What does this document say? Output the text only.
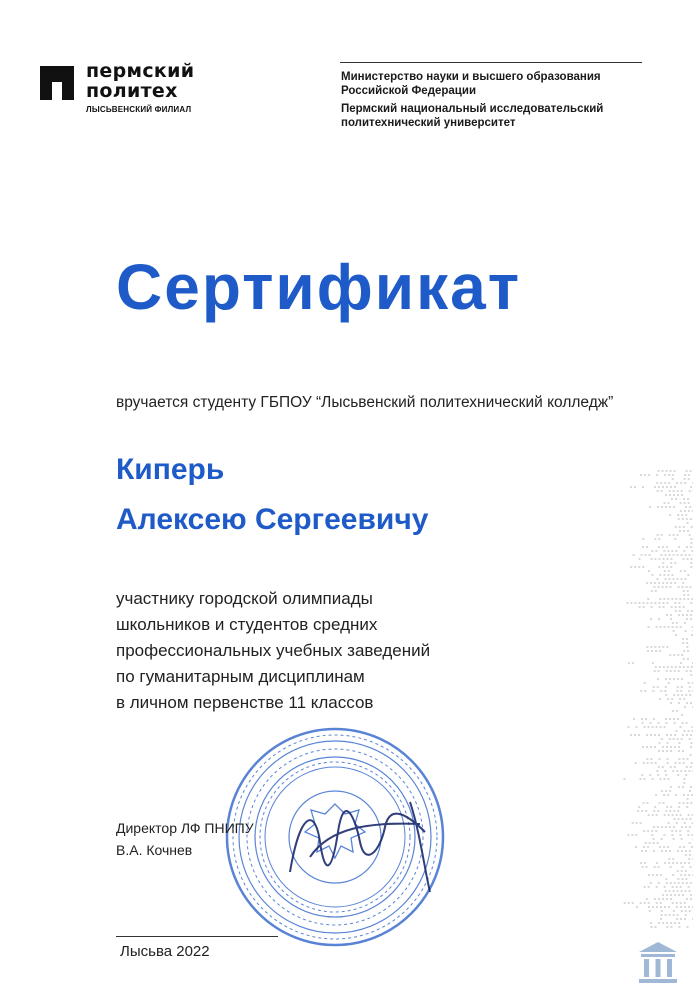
пермский
политех
ЛЫСЬВЕНСКИЙ ФИЛИАЛ
Министерство науки и высшего образования
Российской Федерации
Пермский национальный исследовательский
политехнический университет
Сертификат
вручается студенту ГБПОУ “Лысьвенский политехнический колледж”
Киперь
Алексею Сергеевичу
участнику городской олимпиады
школьников и студентов средних
профессиональных учебных заведений
по гуманитарным дисциплинам
в личном первенстве 11 классов
Директор ЛФ ПНИПУ
В.А. Кочнев
Лысьва 2022
